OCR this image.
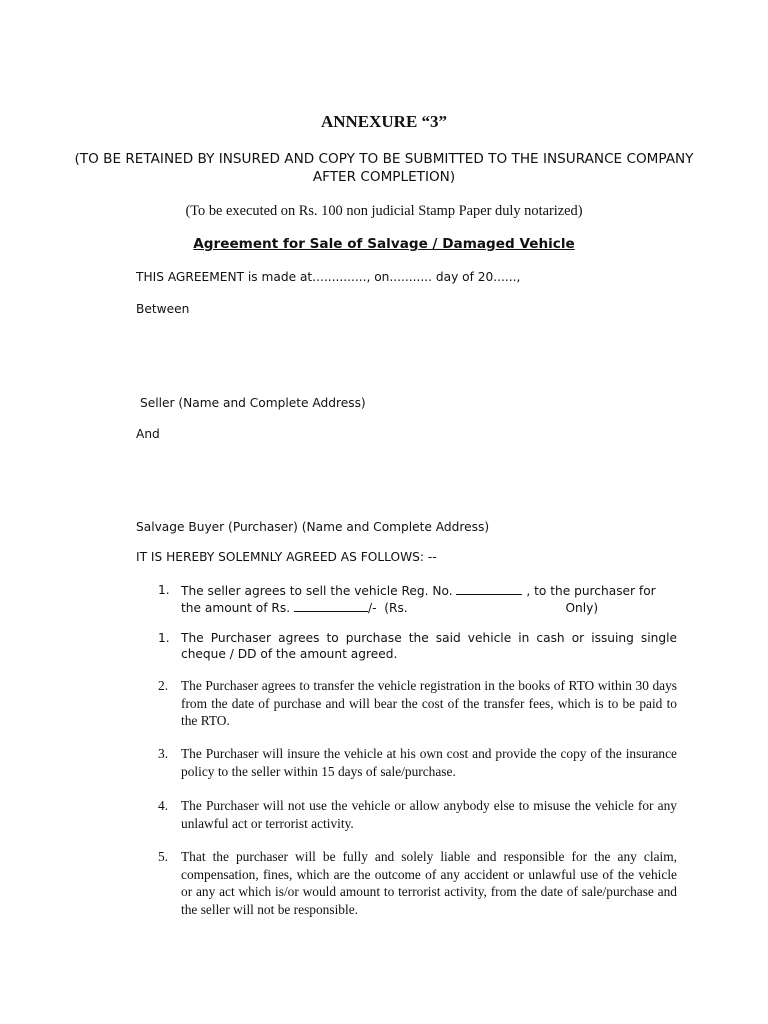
ANNEXURE “3”
(TO BE RETAINED BY INSURED AND COPY TO BE SUBMITTED TO THE INSURANCE COMPANY AFTER COMPLETION)
(To be executed on Rs. 100 non judicial Stamp Paper duly notarized)
Agreement for Sale of Salvage / Damaged Vehicle
THIS AGREEMENT is made at.............., on........... day of 20......,
Between
Seller (Name and Complete Address)
And
Salvage Buyer (Purchaser) (Name and Complete Address)
IT IS HEREBY SOLEMNLY AGREED AS FOLLOWS: --
1. The seller agrees to sell the vehicle Reg. No.	, to the purchaser for the amount of Rs.	/- (Rs.	Only)
1. The Purchaser agrees to purchase the said vehicle in cash or issuing single cheque / DD of the amount agreed.
2. The Purchaser agrees to transfer the vehicle registration in the books of RTO within 30 days from the date of purchase and will bear the cost of the transfer fees, which is to be paid to the RTO.
3. The Purchaser will insure the vehicle at his own cost and provide the copy of the insurance policy to the seller within 15 days of sale/purchase.
4. The Purchaser will not use the vehicle or allow anybody else to misuse the vehicle for any unlawful act or terrorist activity.
5. That the purchaser will be fully and solely liable and responsible for the any claim, compensation, fines, which are the outcome of any accident or unlawful use of the vehicle or any act which is/or would amount to terrorist activity, from the date of sale/purchase and the seller will not be responsible.
